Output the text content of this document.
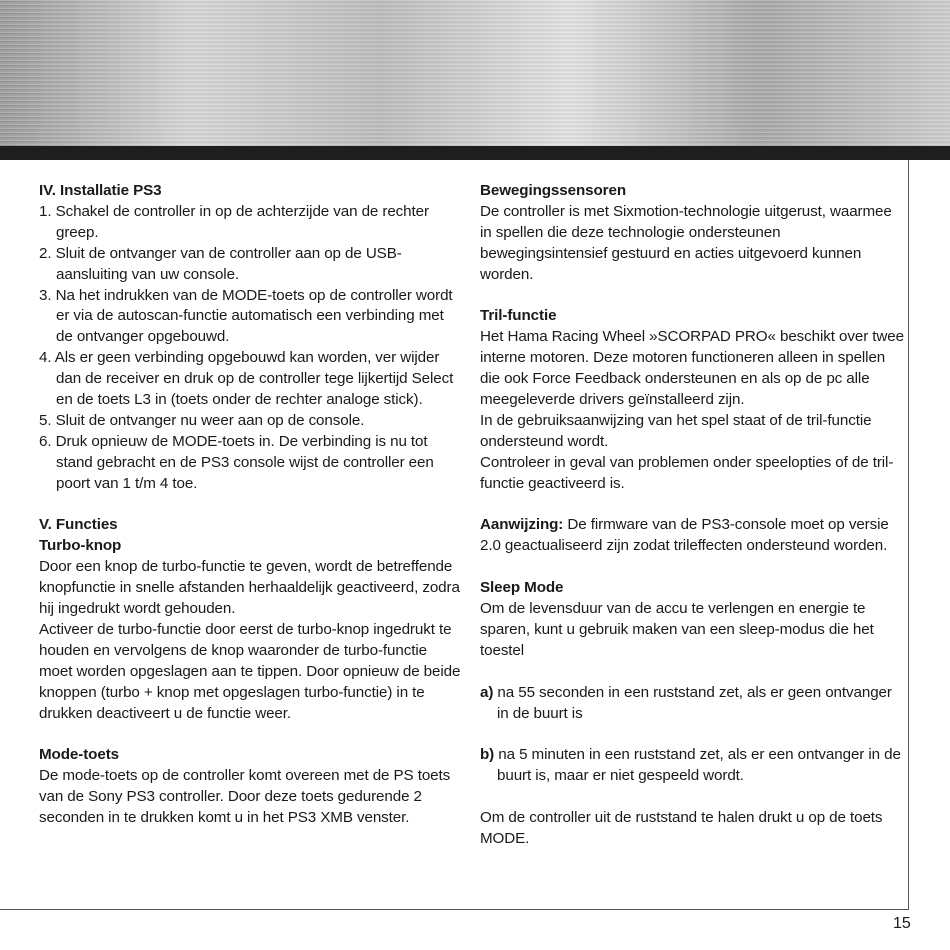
IV. Installatie PS3
1. Schakel de controller in op de achterzijde van de rechter greep.
2. Sluit de ontvanger van de controller aan op de USB-aansluiting van uw console.
3. Na het indrukken van de MODE-toets op de controller wordt er via de autoscan-functie automatisch een verbinding met de ontvanger opgebouwd.
4. Als er geen verbinding opgebouwd kan worden, ver wijder dan de receiver en druk op de controller tege lijkertijd Select en de toets L3 in (toets onder de rechter analoge stick).
5. Sluit de ontvanger nu weer aan op de console.
6. Druk opnieuw de MODE-toets in. De verbinding is nu tot stand gebracht en de PS3 console wijst de controller een poort van 1 t/m 4 toe.
V. Functies
Turbo-knop

Door een knop de turbo-functie te geven, wordt de betreffende knopfunctie in snelle afstanden herhaaldelijk geactiveerd, zodra hij ingedrukt wordt gehouden.

Activeer de turbo-functie door eerst de turbo-knop ingedrukt te houden en vervolgens de knop waaronder de turbo-functie moet worden opgeslagen aan te tippen. Door opnieuw de beide knoppen (turbo + knop met opgeslagen turbo-functie) in te drukken deactiveert u de functie weer.

Mode-toets

De mode-toets op de controller komt overeen met de PS toets van de Sony PS3 controller. Door deze toets gedurende 2 seconden in te drukken komt u in het PS3 XMB venster.

Bewegingssensoren

De controller is met Sixmotion-technologie uitgerust, waarmee in spellen die deze technologie ondersteunen bewegingsintensief gestuurd en acties uitgevoerd kunnen

worden.

Tril-functie

Het Hama Racing Wheel »SCORPAD PRO« beschikt over twee interne motoren. Deze motoren functioneren alleen in spellen die ook Force Feedback ondersteunen en als op de pc alle meegeleverde drivers geïnstalleerd zijn.

In de gebruiksaanwijzing van het spel staat of de tril-functie ondersteund wordt.

Controleer in geval van problemen onder speelopties of de tril-functie geactiveerd is.

Aanwijzing: De firmware van de PS3-console moet op versie 2.0 geactualiseerd zijn zodat trileffecten ondersteund worden.

Sleep Mode

Om de levensduur van de accu te verlengen en energie te sparen, kunt u gebruik maken van een sleep-modus die het toestel

a) na 55 seconden in een ruststand zet, als er geen ontvanger in de buurt is
b) na 5 minuten in een ruststand zet, als er een ontvanger in de buurt is, maar er niet gespeeld wordt.

Om de controller uit de ruststand te halen drukt u op de toets MODE.

15
